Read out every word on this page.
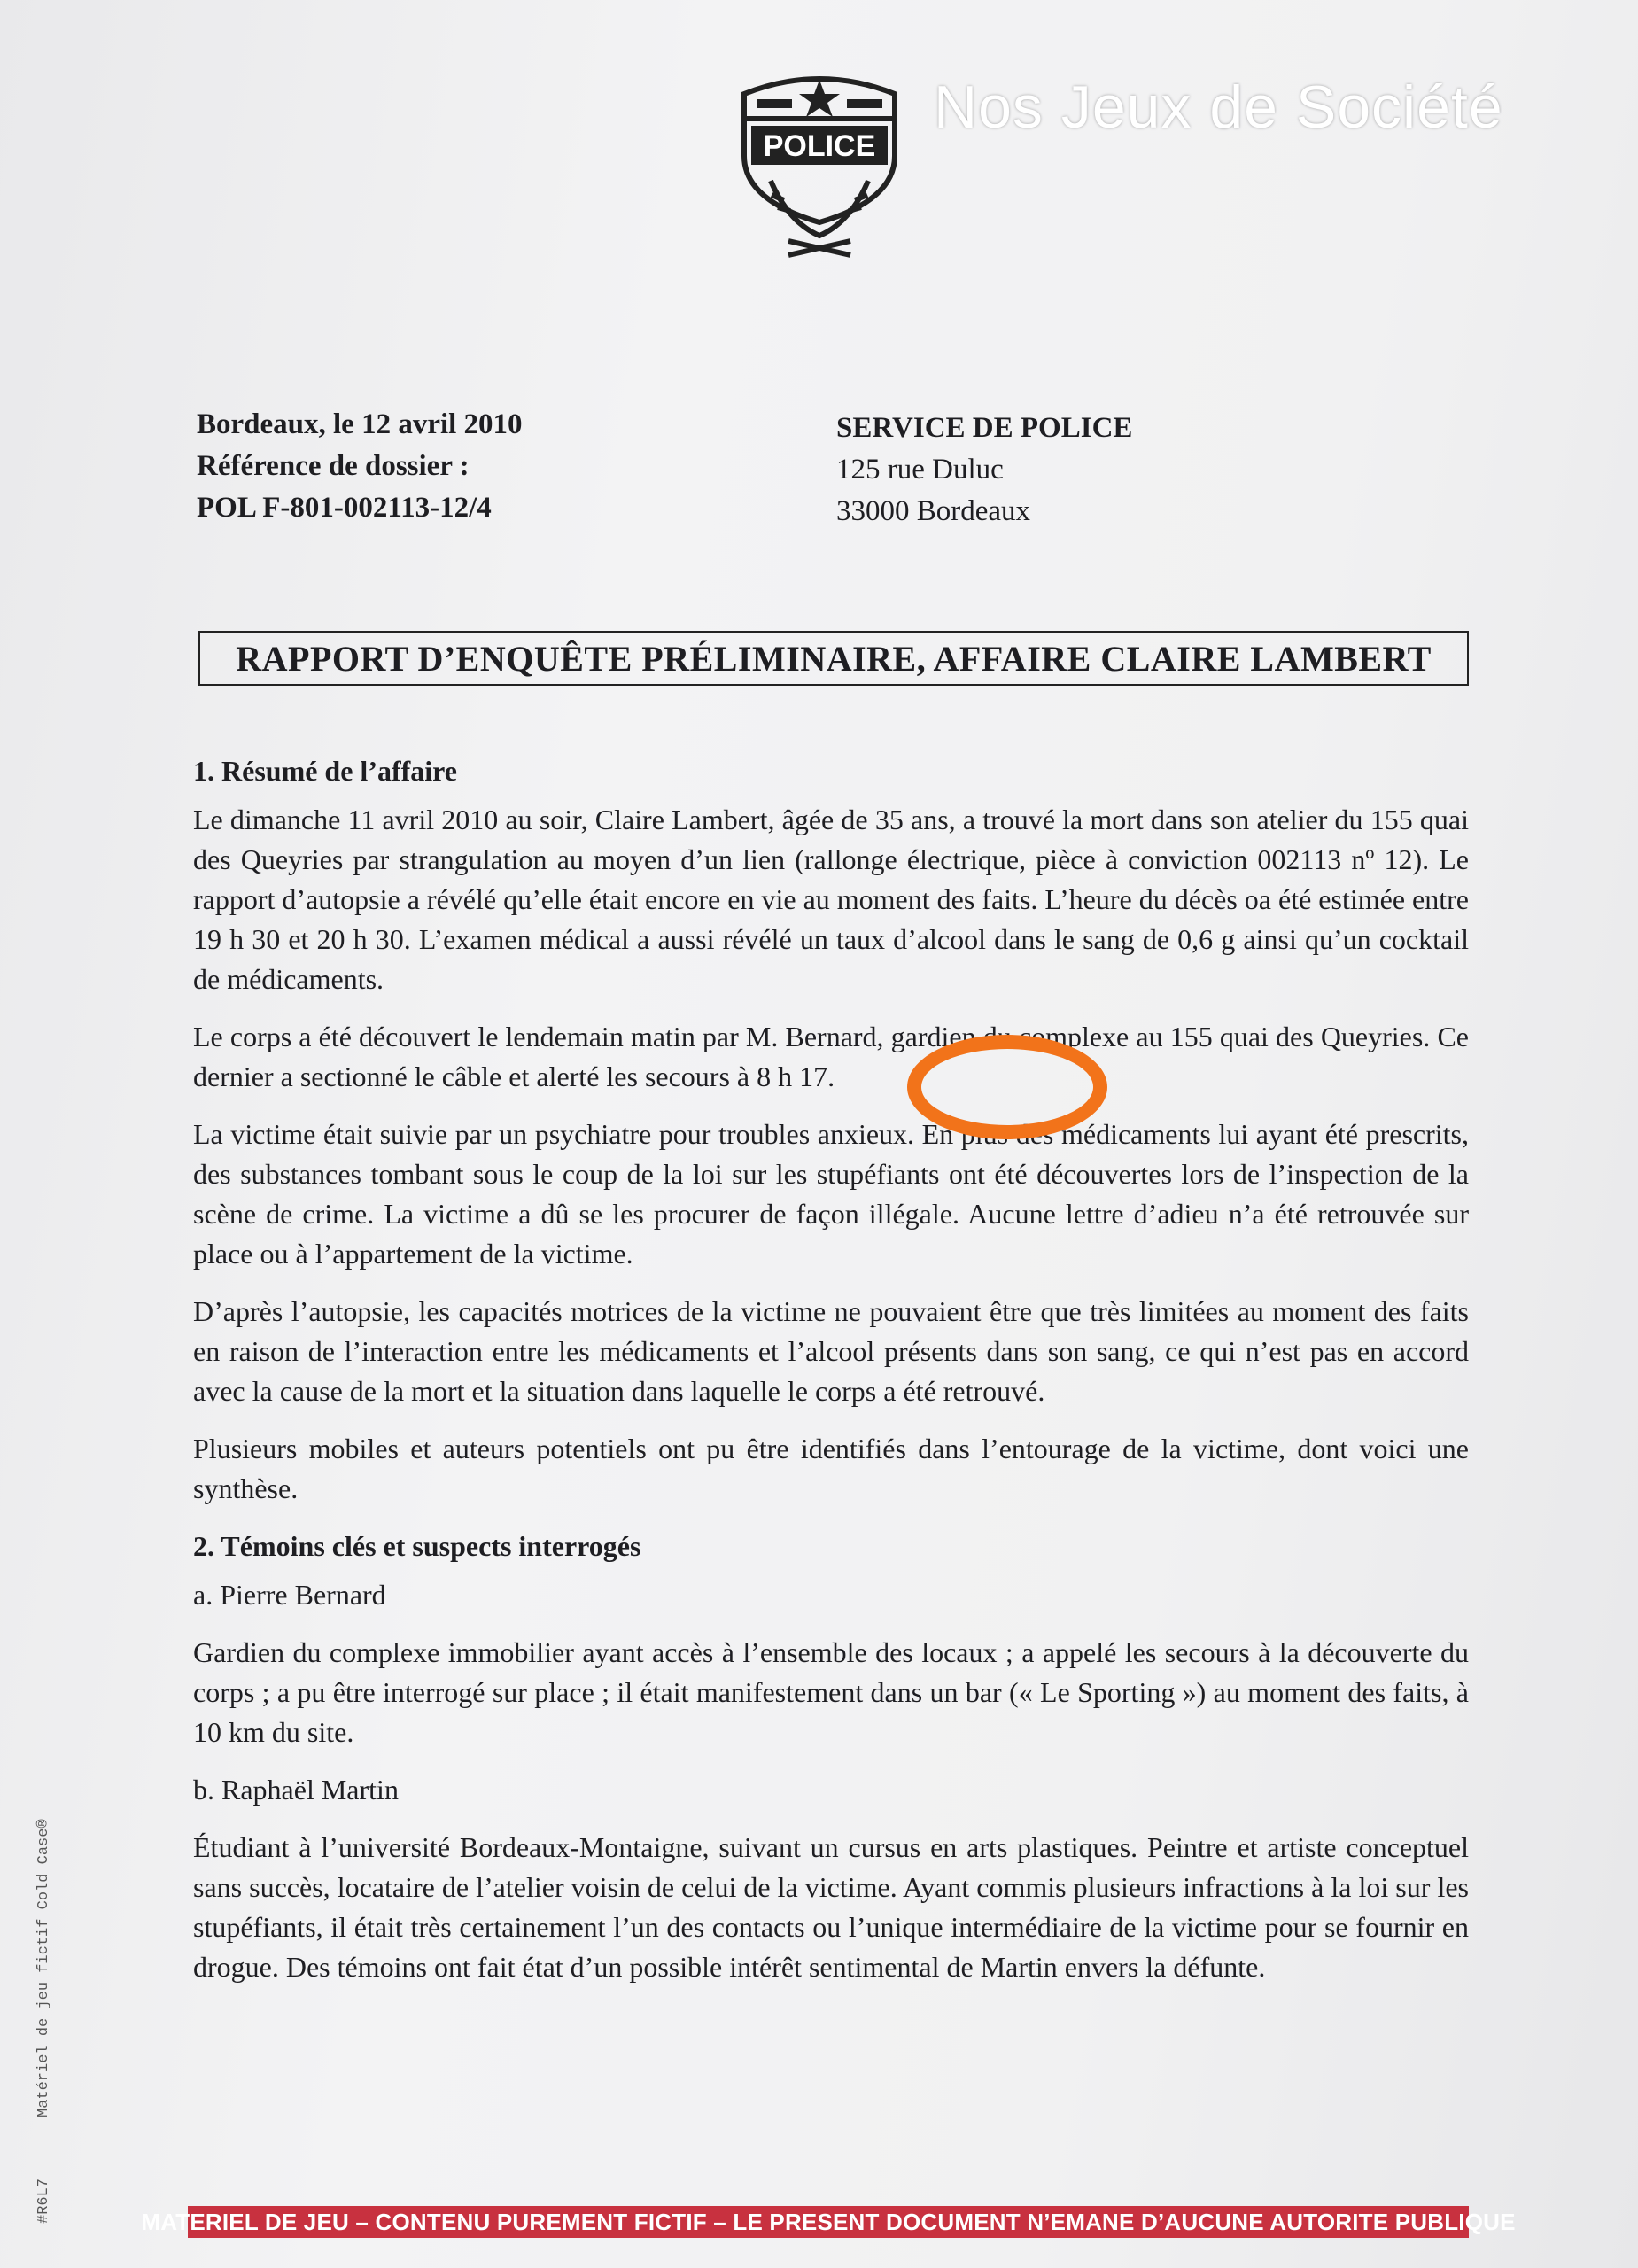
Nos Jeux de Société
POLICE
Bordeaux, le 12 avril 2010
Référence de dossier :
POL F-801-002113-12/4
SERVICE DE POLICE
125 rue Duluc
33000 Bordeaux
RAPPORT D’ENQUÊTE PRÉLIMINAIRE, AFFAIRE CLAIRE LAMBERT
1. Résumé de l’affaire

Le dimanche 11 avril 2010 au soir, Claire Lambert, âgée de 35 ans, a trouvé la mort dans son atelier du 155 quai des Queyries par strangulation au moyen d’un lien (rallonge électrique, pièce à conviction 002113 nº 12). Le rapport d’autopsie a révélé qu’elle était encore en vie au moment des faits. L’heure du décès oa été estimée entre 19 h 30 et 20 h 30. L’examen médical a aussi révélé un taux d’alcool dans le sang de 0,6 g ainsi qu’un cocktail de médicaments.

Le corps a été découvert le lendemain matin par M. Bernard, gardien du complexe au 155 quai des Queyries. Ce dernier a sectionné le câble et alerté les secours à 8 h 17.

La victime était suivie par un psychiatre pour troubles anxieux. En plus des médicaments lui ayant été prescrits, des substances tombant sous le coup de la loi sur les stupéfiants ont été découvertes lors de l’inspection de la scène de crime. La victime a dû se les procurer de façon illégale. Aucune lettre d’adieu n’a été retrouvée sur place ou à l’appartement de la victime.

D’après l’autopsie, les capacités motrices de la victime ne pouvaient être que très limitées au moment des faits en raison de l’interaction entre les médicaments et l’alcool présents dans son sang, ce qui n’est pas en accord avec la cause de la mort et la situation dans laquelle le corps a été retrouvé.

Plusieurs mobiles et auteurs potentiels ont pu être identifiés dans l’entourage de la victime, dont voici une synthèse.

2. Témoins clés et suspects interrogés

a. Pierre Bernard

Gardien du complexe immobilier ayant accès à l’ensemble des locaux ; a appelé les secours à la découverte du corps ; a pu être interrogé sur place ; il était manifestement dans un bar (« Le Sporting ») au moment des faits, à 10 km du site.

b. Raphaël Martin

Étudiant à l’université Bordeaux-Montaigne, suivant un cursus en arts plastiques. Peintre et artiste conceptuel sans succès, locataire de l’atelier voisin de celui de la victime. Ayant commis plusieurs infractions à la loi sur les stupéfiants, il était très certainement l’un des contacts ou l’unique intermédiaire de la victime pour se fournir en drogue. Des témoins ont fait état d’un possible intérêt sentimental de Martin envers la défunte.

Matériel de jeu fictif Cold Case®
#R6L7	MATERIEL DE JEU – CONTENU PUREMENT FICTIF – LE PRESENT DOCUMENT N’EMANE D’AUCUNE AUTORITE PUBLIQUE
